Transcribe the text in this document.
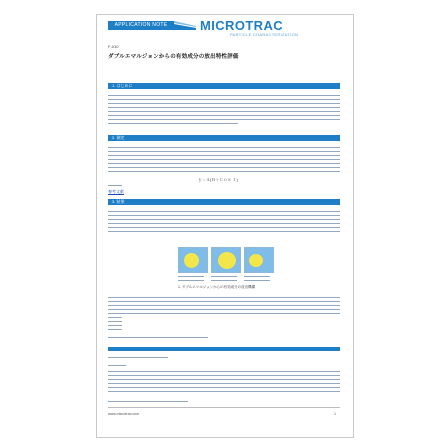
APPLICATION NOTE	MICROTRAC
PARTICLE CHARACTERIZATION
F-010
ダブルエマルジョンからの有効成分の放出特性評価
1. はじめに
2. 測定
ｙ＝Ａ(Ｂ＋Ｃｏｓ ｔ)
参考文献
3. 結果
1. ダブルエマルジョンからの有効成分の放出機構
www.microtrac.com	1
